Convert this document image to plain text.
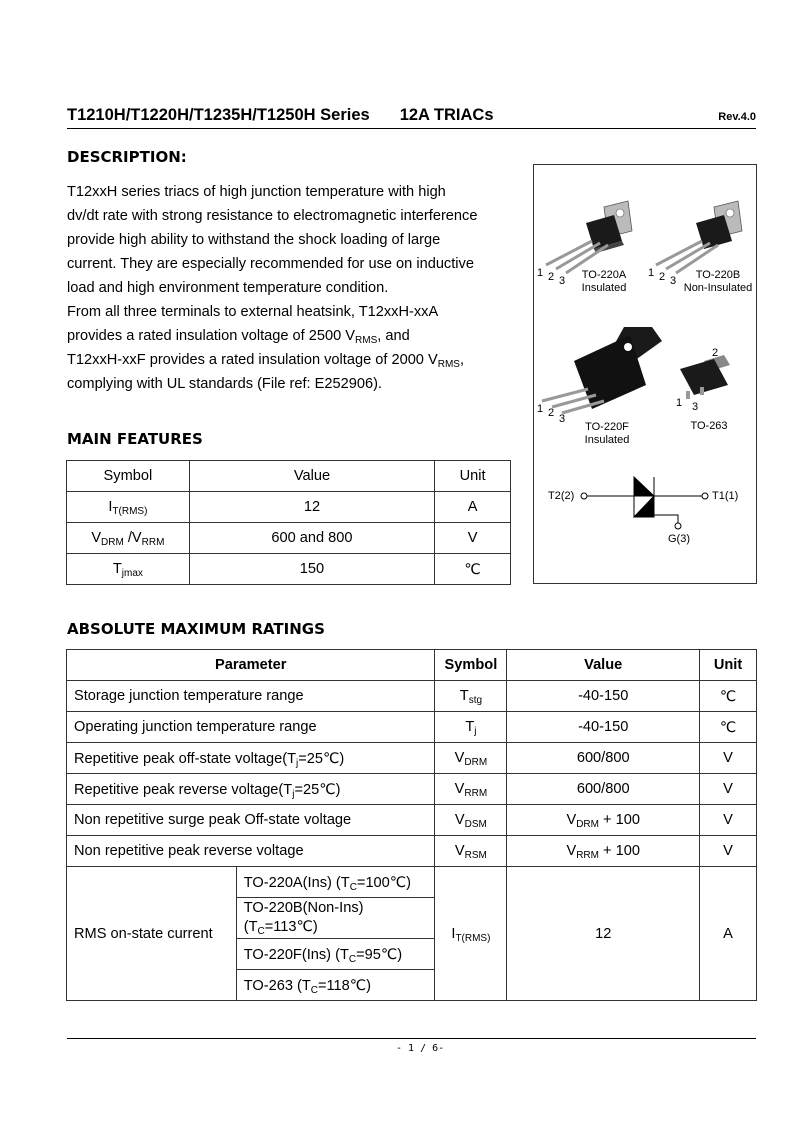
T1210H/T1220H/T1235H/T1250H Series 12A TRIACs	Rev.4.0
DESCRIPTION:

T12xxH series triacs of high junction temperature with high

dv/dt rate with strong resistance to electromagnetic interference

provide high ability to withstand the shock loading of large

current. They are especially recommended for use on inductive

load and high environment temperature condition.

From all three terminals to external heatsink, T12xxH-xxA

provides a rated insulation voltage of 2500 $V_{RMS}$, and

T12xxH-xxF provides a rated insulation voltage of 2000 $V_{RMS}$,

complying with UL standards (File ref: E252906).

1 2 3 TO-220A
Insulated
1 2 3	TO-220B
Non-Insulated
1 2 3
TO-220F
Insulated
2
1 3
TO-263
T2(2)	T1(1)
G(3)
MAIN FEATURES
Symbol	Value	Unit
$I_{T(RMS)}$	12	A
$V_{DRM}$ $/V_{RRM}$	600 and 800	V
$T_{jmax}$	150	℃
ABSOLUTE MAXIMUM RATINGS
Parameter		Symbol	Value	Unit
Storage junction temperature range		$T_{stg}$	-40-150	℃
Operating junction temperature range		$T_j$	-40-150	℃
Repetitive peak off-state $voltage(T_j=25℃)$		$V_{DRM}$	600/800	V
Repetitive peak reverse $voltage(T_j=25℃)$		$V_{RRM}$	600/800	V
Non repetitive surge peak Off-state voltage		$V_{DSM}$	$V_{DRM} + 100$	V
Non repetitive peak reverse voltage		$V_{RSM}$	$V_{RRM} + 100$	V
RMS on-state current	TO-220A(Ins) $(T_C=100℃)$	$I_{T(RMS)}$	12	A
	TO-220B(Non-Ins)
$(T_C=113℃)$			
	TO-220F(Ins) $(T_C=95℃)$			
	TO-263 $(T_C=118℃)$			
- 1 / 6-
